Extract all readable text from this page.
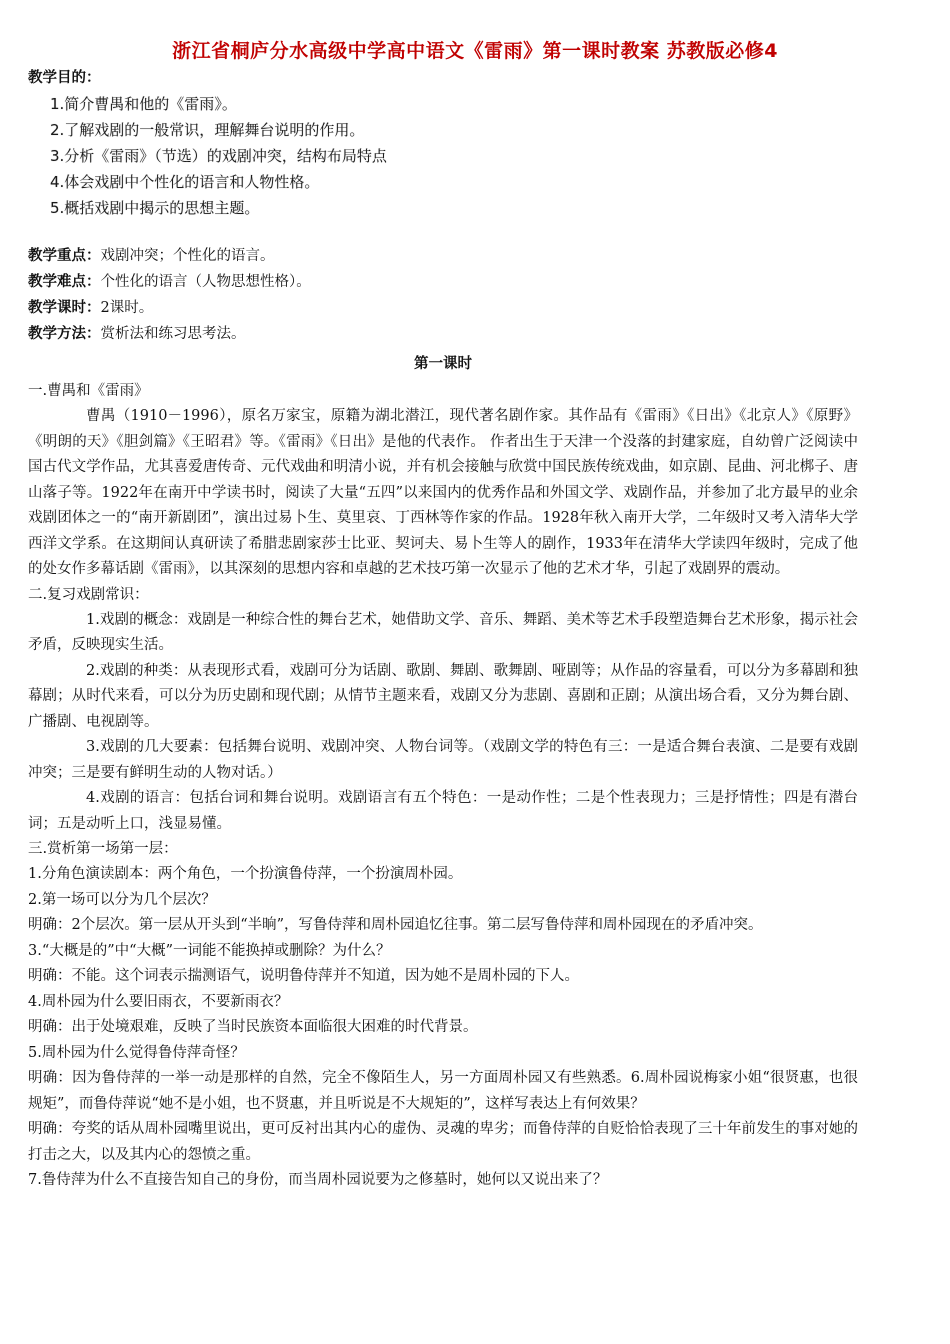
浙江省桐庐分水高级中学高中语文《雷雨》第一课时教案 苏教版必修4
教学目的：
1.简介曹禺和他的《雷雨》。
2.了解戏剧的一般常识，理解舞台说明的作用。
3.分析《雷雨》（节选）的戏剧冲突，结构布局特点
4.体会戏剧中个性化的语言和人物性格。
5.概括戏剧中揭示的思想主题。
教学重点：戏剧冲突；个性化的语言。
教学难点：个性化的语言（人物思想性格）。
教学课时：2课时。
教学方法：赏析法和练习思考法。
第一课时
一.曹禺和《雷雨》
曹禺（1910－1996），原名万家宝，原籍为湖北潜江，现代著名剧作家。其作品有《雷雨》《日出》《北京人》《原野》《明朗的天》《胆剑篇》《王昭君》等。《雷雨》《日出》是他的代表作。 作者出生于天津一个没落的封建家庭，自幼曾广泛阅读中国古代文学作品，尤其喜爱唐传奇、元代戏曲和明清小说，并有机会接触与欣赏中国民族传统戏曲，如京剧、昆曲、河北梆子、唐山落子等。1922年在南开中学读书时，阅读了大量“五四”以来国内的优秀作品和外国文学、戏剧作品，并参加了北方最早的业余戏剧团体之一的“南开新剧团”，演出过易卜生、莫里哀、丁西林等作家的作品。1928年秋入南开大学，二年级时又考入清华大学西洋文学系。在这期间认真研读了希腊悲剧家莎士比亚、契诃夫、易卜生等人的剧作，1933年在清华大学读四年级时，完成了他的处女作多幕话剧《雷雨》，以其深刻的思想内容和卓越的艺术技巧第一次显示了他的艺术才华，引起了戏剧界的震动。
二.复习戏剧常识：
1.戏剧的概念：戏剧是一种综合性的舞台艺术，她借助文学、音乐、舞蹈、美术等艺术手段塑造舞台艺术形象，揭示社会矛盾，反映现实生活。
2.戏剧的种类：从表现形式看，戏剧可分为话剧、歌剧、舞剧、歌舞剧、哑剧等；从作品的容量看，可以分为多幕剧和独幕剧；从时代来看，可以分为历史剧和现代剧；从情节主题来看，戏剧又分为悲剧、喜剧和正剧；从演出场合看，又分为舞台剧、广播剧、电视剧等。
3.戏剧的几大要素：包括舞台说明、戏剧冲突、人物台词等。（戏剧文学的特色有三：一是适合舞台表演、二是要有戏剧冲突；三是要有鲜明生动的人物对话。）
4.戏剧的语言：包括台词和舞台说明。戏剧语言有五个特色：一是动作性；二是个性表现力；三是抒情性；四是有潜台词；五是动听上口，浅显易懂。
三.赏析第一场第一层：
1.分角色演读剧本：两个角色，一个扮演鲁侍萍，一个扮演周朴园。
2.第一场可以分为几个层次？
明确：2个层次。第一层从开头到“半晌”，写鲁侍萍和周朴园追忆往事。第二层写鲁侍萍和周朴园现在的矛盾冲突。
3.“大概是的”中“大概”一词能不能换掉或删除？为什么？
明确：不能。这个词表示揣测语气，说明鲁侍萍并不知道，因为她不是周朴园的下人。
4.周朴园为什么要旧雨衣，不要新雨衣？
明确：出于处境艰难，反映了当时民族资本面临很大困难的时代背景。
5.周朴园为什么觉得鲁侍萍奇怪？
明确：因为鲁侍萍的一举一动是那样的自然，完全不像陌生人，另一方面周朴园又有些熟悉。6.周朴园说梅家小姐“很贤惠，也很规矩”，而鲁侍萍说“她不是小姐，也不贤惠，并且听说是不大规矩的”，这样写表达上有何效果？
明确：夸奖的话从周朴园嘴里说出，更可反衬出其内心的虚伪、灵魂的卑劣；而鲁侍萍的自贬恰恰表现了三十年前发生的事对她的打击之大，以及其内心的怨愤之重。
7.鲁侍萍为什么不直接告知自己的身份，而当周朴园说要为之修墓时，她何以又说出来了？
